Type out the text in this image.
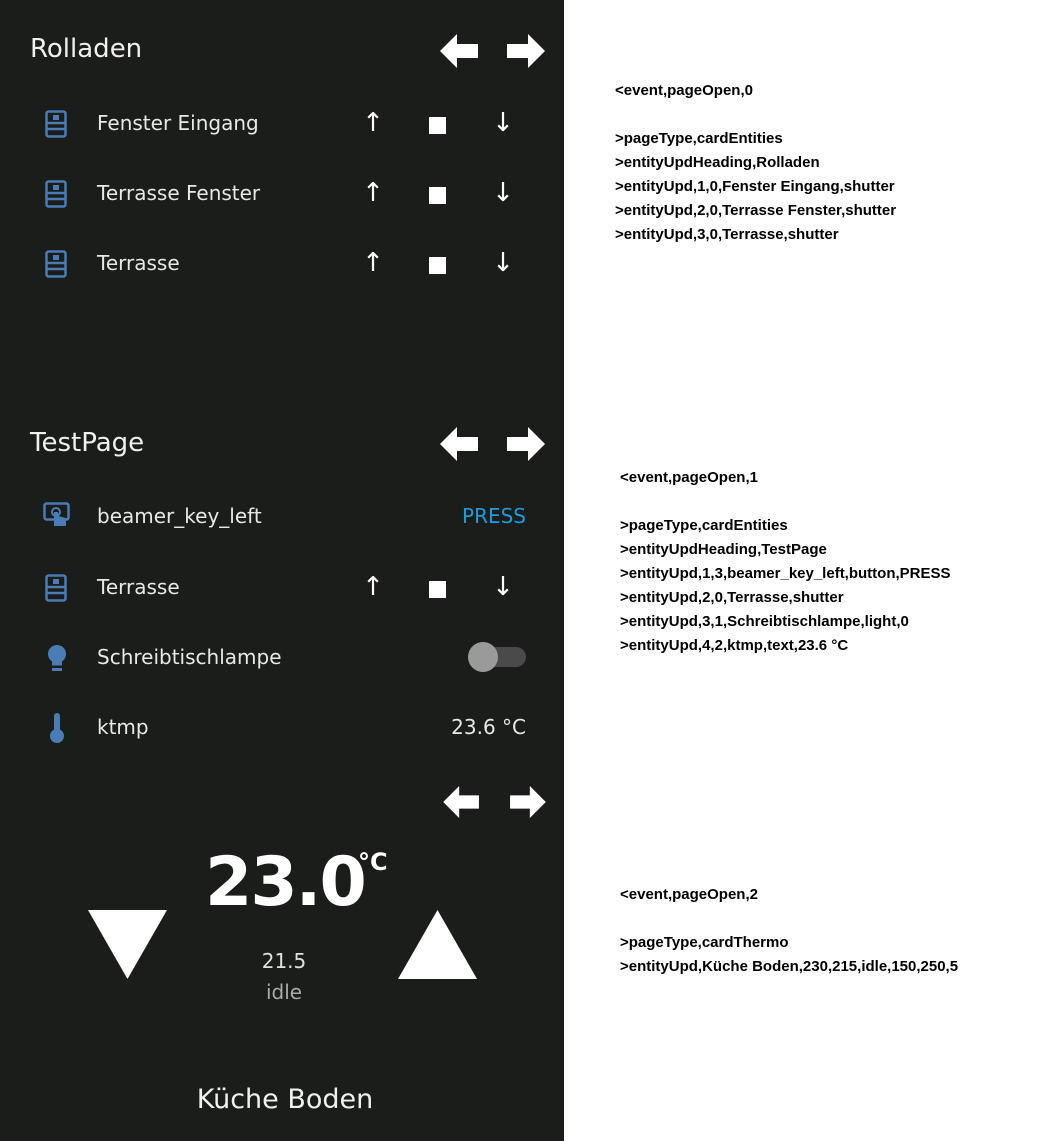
Rolladen
Fenster Eingang	↑	↓
Terrasse Fenster	↑	↓
Terrasse	↑	↓
TestPage
beamer_key_left	PRESS
Terrasse	↑	↓
Schreibtischlampe
ktmp	23.6 °C
23.0
°C
21.5
idle
Küche Boden
<event,pageOpen,0
>pageType,cardEntities
>entityUpdHeading,Rolladen
>entityUpd,1,0,Fenster Eingang,shutter
>entityUpd,2,0,Terrasse Fenster,shutter
>entityUpd,3,0,Terrasse,shutter
<event,pageOpen,1
>pageType,cardEntities
>entityUpdHeading,TestPage
>entityUpd,1,3,beamer_key_left,button,PRESS
>entityUpd,2,0,Terrasse,shutter
>entityUpd,3,1,Schreibtischlampe,light,0
>entityUpd,4,2,ktmp,text,23.6 °C
<event,pageOpen,2
>pageType,cardThermo
>entityUpd,Küche Boden,230,215,idle,150,250,5
